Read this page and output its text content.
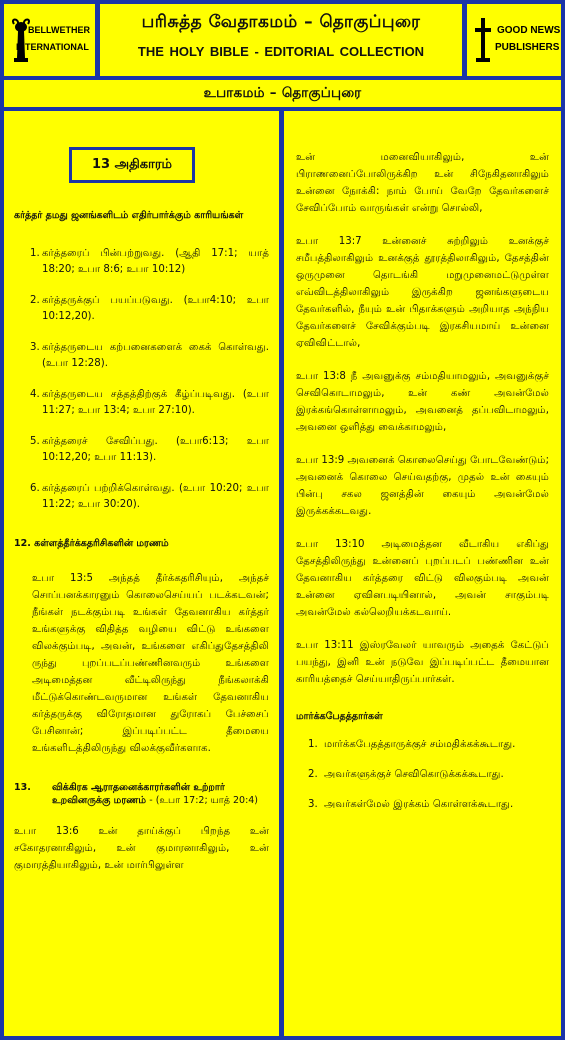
BELLWETHER
INTERNATIONAL
பரிசுத்த வேதாகமம் – தொகுப்புரை
THE HOLY BIBLE - EDITORIAL COLLECTION
GOOD NEWS
PUBLISHERS
உபாகமம் – தொகுப்புரை
13 அதிகாரம்
கர்த்தர் தமது ஜனங்களிடம் எதிர்பார்க்கும் காரியங்கள்
1. கர்த்தரைப் பின்பற்றுவது. (ஆதி 17:1; யாத் 18:20; உபா 8:6; உபா 10:12)
2. கர்த்தருக்குப் பயப்படுவது. (உபா4:10; உபா 10:12,20).
3. கர்த்தருடைய கற்பனைகளைக் கைக் கொள்வது. (உபா 12:28).
4. கர்த்தருடைய சத்தத்திற்குக் கீழ்ப்படிவது. (உபா 11:27; உபா 13:4; உபா 27:10).
5. கர்த்தரைச் சேவிப்பது. (உபா6:13; உபா 10:12,20; உபா 11:13).
6. கர்த்தரைப் பற்றிக்கொள்வது. (உபா 10:20; உபா 11:22; உபா 30:20).
12. கள்ளத்தீர்க்கதரிசிகளின் மரணம்
உபா 13:5 அந்தத் தீர்க்கதரிசியும், அந்தச் சொப்பனக்காரனும் கொலைசெய்யப் படக்கடவன்; நீங்கள் நடக்கும்படி உங்கள் தேவனாகிய கர்த்தர் உங்களுக்கு விதித்த வழியை விட்டு உங்களை விலக்கும்படி, அவன், உங்களை எகிப்துதேசத்திலி ருந்து புறப்படப்பண்ணினவரும் உங்களை அடிமைத்தன வீட்டிலிருந்து நீங்கலாக்கி மீட்டுக்கொண்டவருமான உங்கள் தேவனாகிய கர்த்தருக்கு விரோதமான துரோகப் பேச்சைப் பேசினான்; இப்படிப்பட்ட தீமையை உங்களிடத்திலிருந்து விலக்குவீர்களாக.
13. விக்கிரக ஆராதனைக்காரர்களின் உற்றார் உறவினருக்கு மரணம் - (உபா 17:2; யாத் 20:4)
உபா 13:6 உன் தாய்க்குப் பிறந்த உன் சகோதரனாகிலும், உன் குமாரனாகிலும், உன் குமாரத்தியாகிலும், உன் மார்பிலுள்ள
உன் மனைவியாகிலும், உன் பிராணனைப்போலிருக்கிற உன் சிநேகிதனாகிலும் உன்னை நோக்கி: நாம் போய் வேறே தேவர்களைச் சேவிப்போம் வாருங்கள் என்று சொல்லி,
உபா 13:7 உன்னைச் சுற்றிலும் உனக்குச் சமீபத்திலாகிலும் உனக்குத் தூரத்திலாகிலும், தேசத்தின் ஒருமுனை தொடங்கி மறுமுனைமட்டுமுள்ள எவ்விடத்திலாகிலும் இருக்கிற ஜனங்களுடைய தேவர்களில், நீயும் உன் பிதாக்களும் அறியாத அந்நிய தேவர்களைச் சேவிக்கும்படி இரகசியமாய் உன்னை ஏவிவிட்டால்,
உபா 13:8 நீ அவனுக்கு சம்மதியாமலும், அவனுக்குச் செவிகொடாமலும், உன் கண் அவன்மேல் இரக்கங்கொள்ளாமலும், அவனைத் தப்பவிடாமலும், அவனை ஒளித்து வைக்காமலும்,
உபா 13:9 அவனைக் கொலைசெய்து போடவேண்டும்; அவனைக் கொலை செய்வதற்கு, முதல் உன் கையும் பின்பு சகல ஜனத்தின் கையும் அவன்மேல் இருக்கக்கடவது.
உபா 13:10 அடிமைத்தன வீடாகிய எகிப்து தேசத்திலிருந்து உன்னைப் புறப்படப் பண்ணின உன் தேவனாகிய கர்த்தரை விட்டு விலகும்படி அவன் உன்னை ஏவினபடியினால், அவன் சாகும்படி அவன்மேல் கல்லெறியக்கடவாய்.
உபா 13:11 இஸ்ரவேலர் யாவரும் அதைக் கேட்டுப் பயந்து, இனி உன் நடுவே இப்படிப்பட்ட தீமையான காரியத்தைச் செய்யாதிருப்பார்கள்.
மார்க்கபேதத்தார்கள்
1. மார்க்கபேதத்தாருக்குச் சம்மதிக்கக்கூடாது.
2. அவர்களுக்குச் செவிகொடுக்கக்கூடாது.
3. அவர்கள்மேல் இரக்கம் கொள்ளக்கூடாது.
